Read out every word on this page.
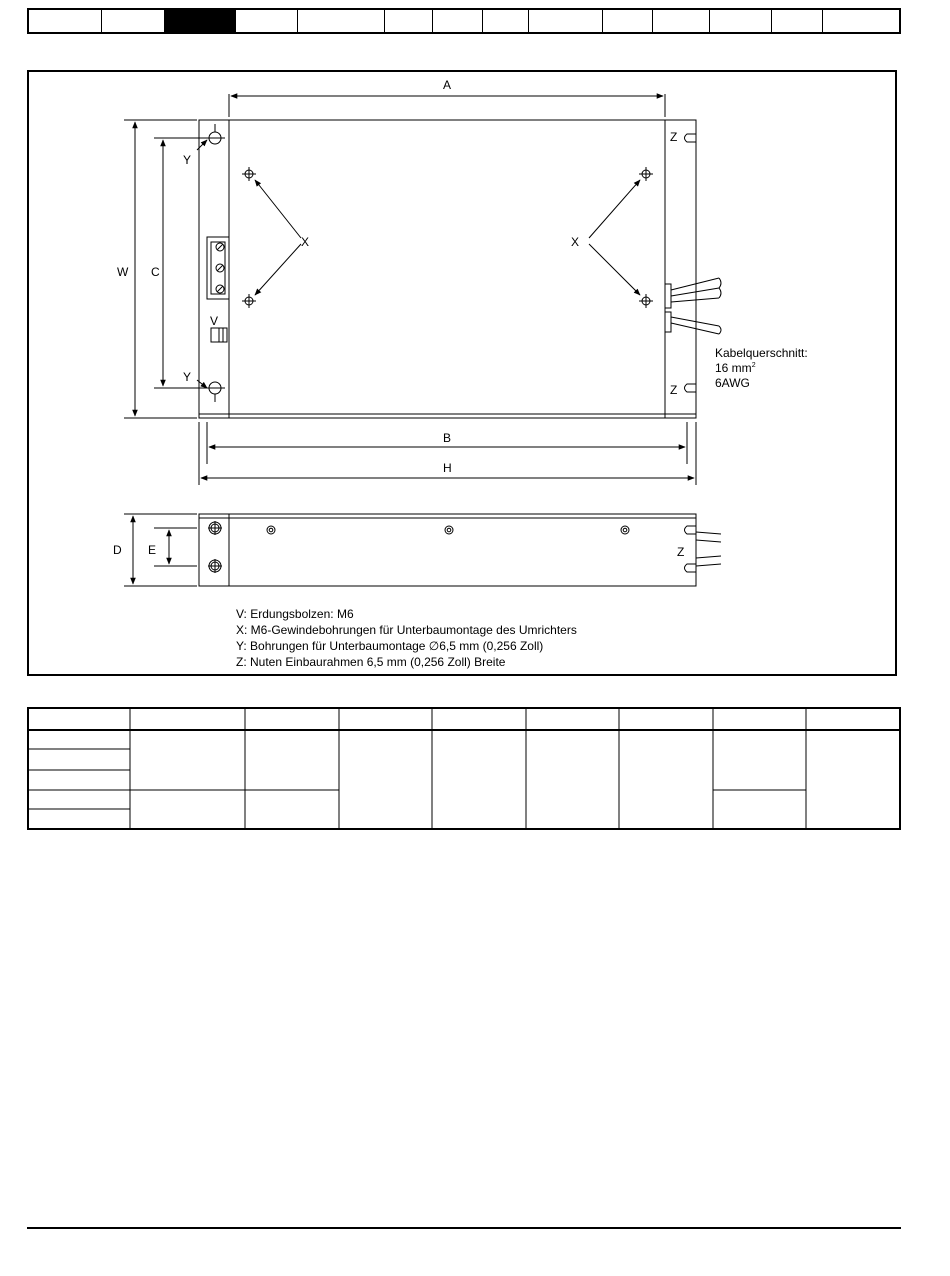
A
W C
B
H
Y
Y
X	X
V
Z
Z
Kabelquerschnitt:
16 $mm^2$
6AWG
D E	Z
V: Erdungsbolzen: M6
X: M6-Gewindebohrungen für Unterbaumontage des Umrichters
Y: Bohrungen für Unterbaumontage ∅6,5 mm (0,256 Zoll)
Z: Nuten Einbaurahmen 6,5 mm (0,256 Zoll) Breite
